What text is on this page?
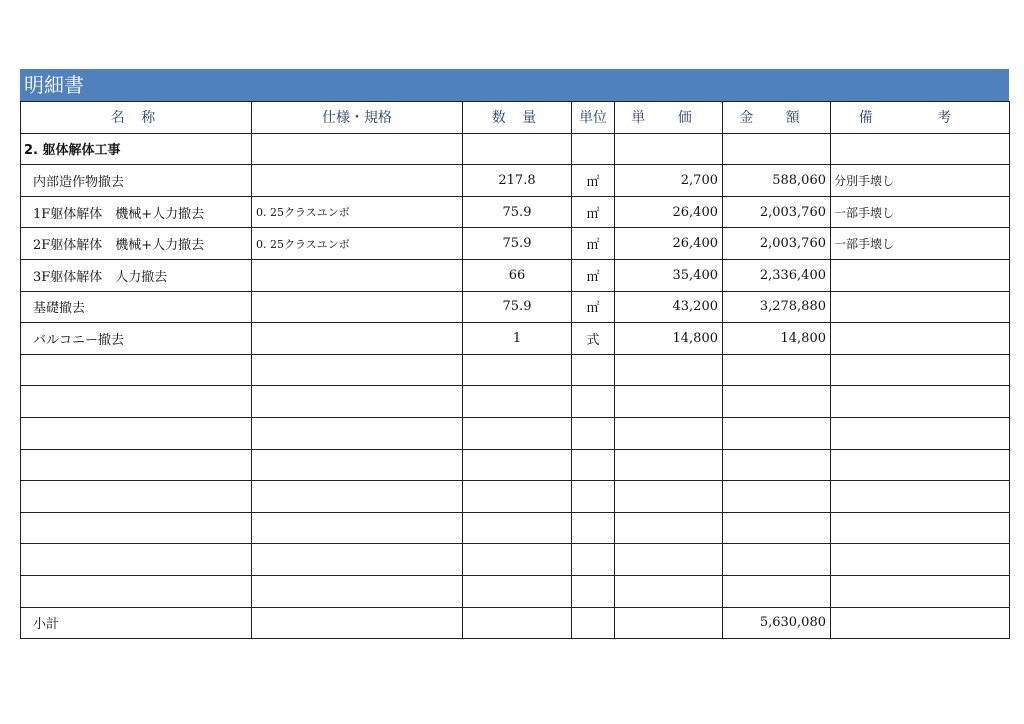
明細書
名 称	仕様・規格	数 量	単位	単 価	金 額	備 考
2. 躯体解体工事						
内部造作物撤去		217.8	㎡	2,700	588,060	分別手壊し
1F躯体解体　機械+人力撤去	0. 25クラスユンボ	75.9	㎡	26,400	2,003,760	一部手壊し
2F躯体解体　機械+人力撤去	0. 25クラスユンボ	75.9	㎡	26,400	2,003,760	一部手壊し
3F躯体解体　人力撤去		66	㎡	35,400	2,336,400	
基礎撤去		75.9	㎡	43,200	3,278,880	
バルコニー撤去		1	式	14,800	14,800	

小計					5,630,080	
